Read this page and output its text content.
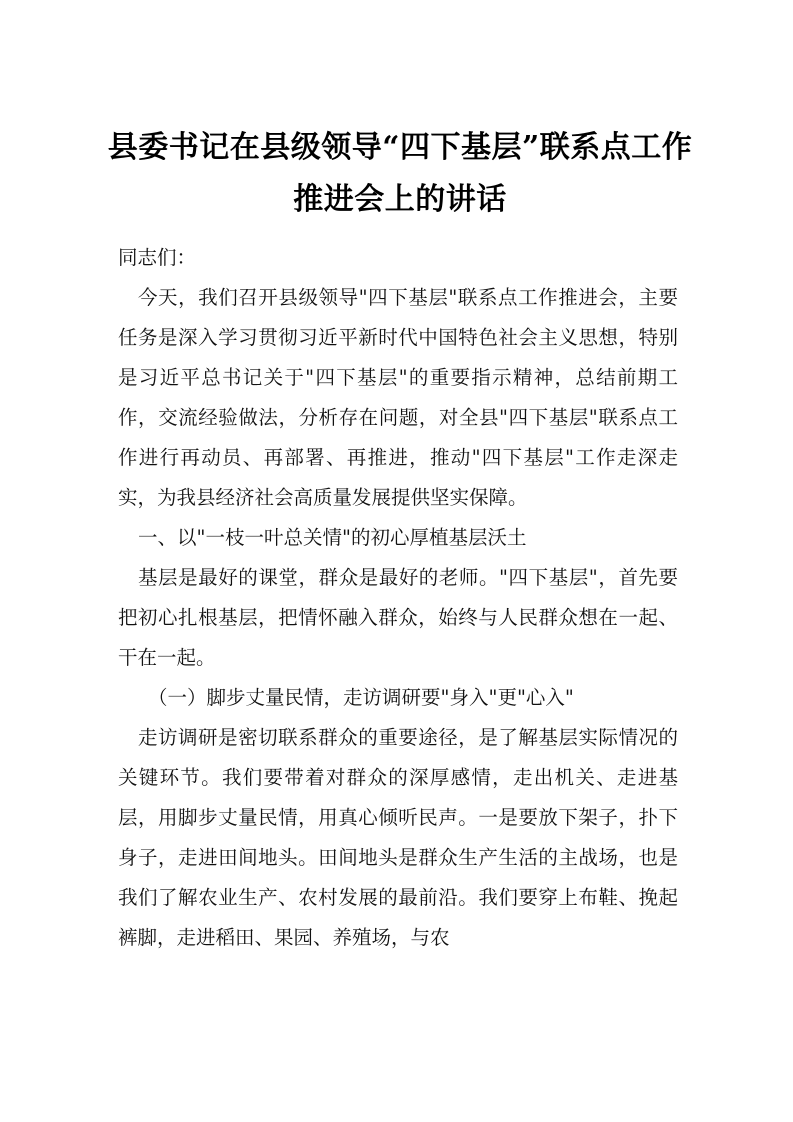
县委书记在县级领导“四下基层”联系点工作推进会上的讲话

同志们：

今天，我们召开县级领导"四下基层"联系点工作推进会，主要任务是深入学习贯彻习近平新时代中国特色社会主义思想，特别是习近平总书记关于"四下基层"的重要指示精神，总结前期工作，交流经验做法，分析存在问题，对全县"四下基层"联系点工作进行再动员、再部署、再推进，推动"四下基层"工作走深走实，为我县经济社会高质量发展提供坚实保障。

一、以"一枝一叶总关情"的初心厚植基层沃土

基层是最好的课堂，群众是最好的老师。"四下基层"，首先要把初心扎根基层，把情怀融入群众，始终与人民群众想在一起、干在一起。

（一）脚步丈量民情，走访调研要"身入"更"心入"

走访调研是密切联系群众的重要途径，是了解基层实际情况的关键环节。我们要带着对群众的深厚感情，走出机关、走进基层，用脚步丈量民情，用真心倾听民声。一是要放下架子，扑下身子，走进田间地头。田间地头是群众生产生活的主战场，也是我们了解农业生产、农村发展的最前沿。我们要穿上布鞋、挽起裤脚，走进稻田、果园、养殖场，与农
